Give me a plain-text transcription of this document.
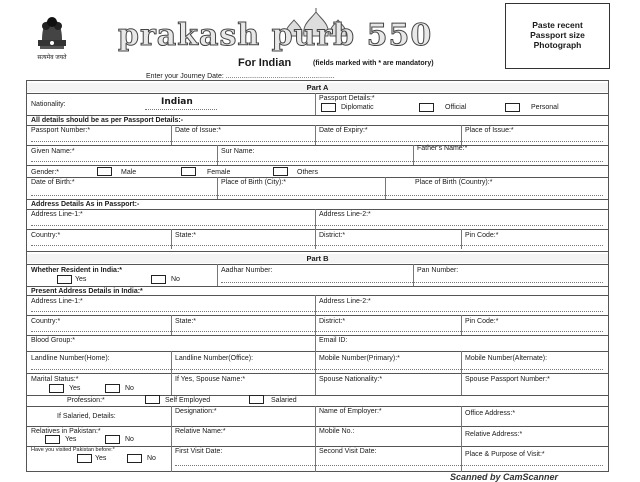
सत्यमेव जयते
prakash purb 550	Paste recent
Passport size
Photograph
For Indian	(fields marked with * are mandatory)
Enter your Journey Date: ........................................................
Part A
Nationality:	Indian	Passport Details:*
Diplomatic	Official	Personal
All details should be as per Passport Details:-
Passport Number:*	Date of Issue:*	Date of Expiry:*	Place of Issue:*
Given Name:*	Sur Name:	Father's Name:*
Gender:*	Male	Female	Others
Date of Birth:*	Place of Birth (City):*	Place of Birth (Country):*
Address Details As in Passport:-
Address Line-1:*	Address Line-2:*
Country:*	State:*	District:*	Pin Code:*
Part B
Whether Resident in India:*
Yes	No
Aadhar Number:	Pan Number:
Present Address Details in India:*
Address Line-1:*	Address Line-2:*
Country:*	State:*	District:*	Pin Code:*
Blood Group:*	Email ID:
Landline Number(Home):	Landline Number(Office):	Mobile Number(Primary):*	Mobile Number(Alternate):
Marital Status:*
Yes	No
If Yes, Spouse Name:*	Spouse Nationality:*	Spouse Passport Number:*
Profession:*	Self Employed	Salaried
If Salaried, Details:
Designation:*	Name of Employer:*	Office Address:*
Relatives in Pakistan:*
Yes	No
Relative Name:*	Mobile No.:	Relative Address:*
Have you visited Pakistan before:*
Yes	No
First Visit Date:	Second Visit Date:	Place & Purpose of Visit:*
Scanned by CamScanner
